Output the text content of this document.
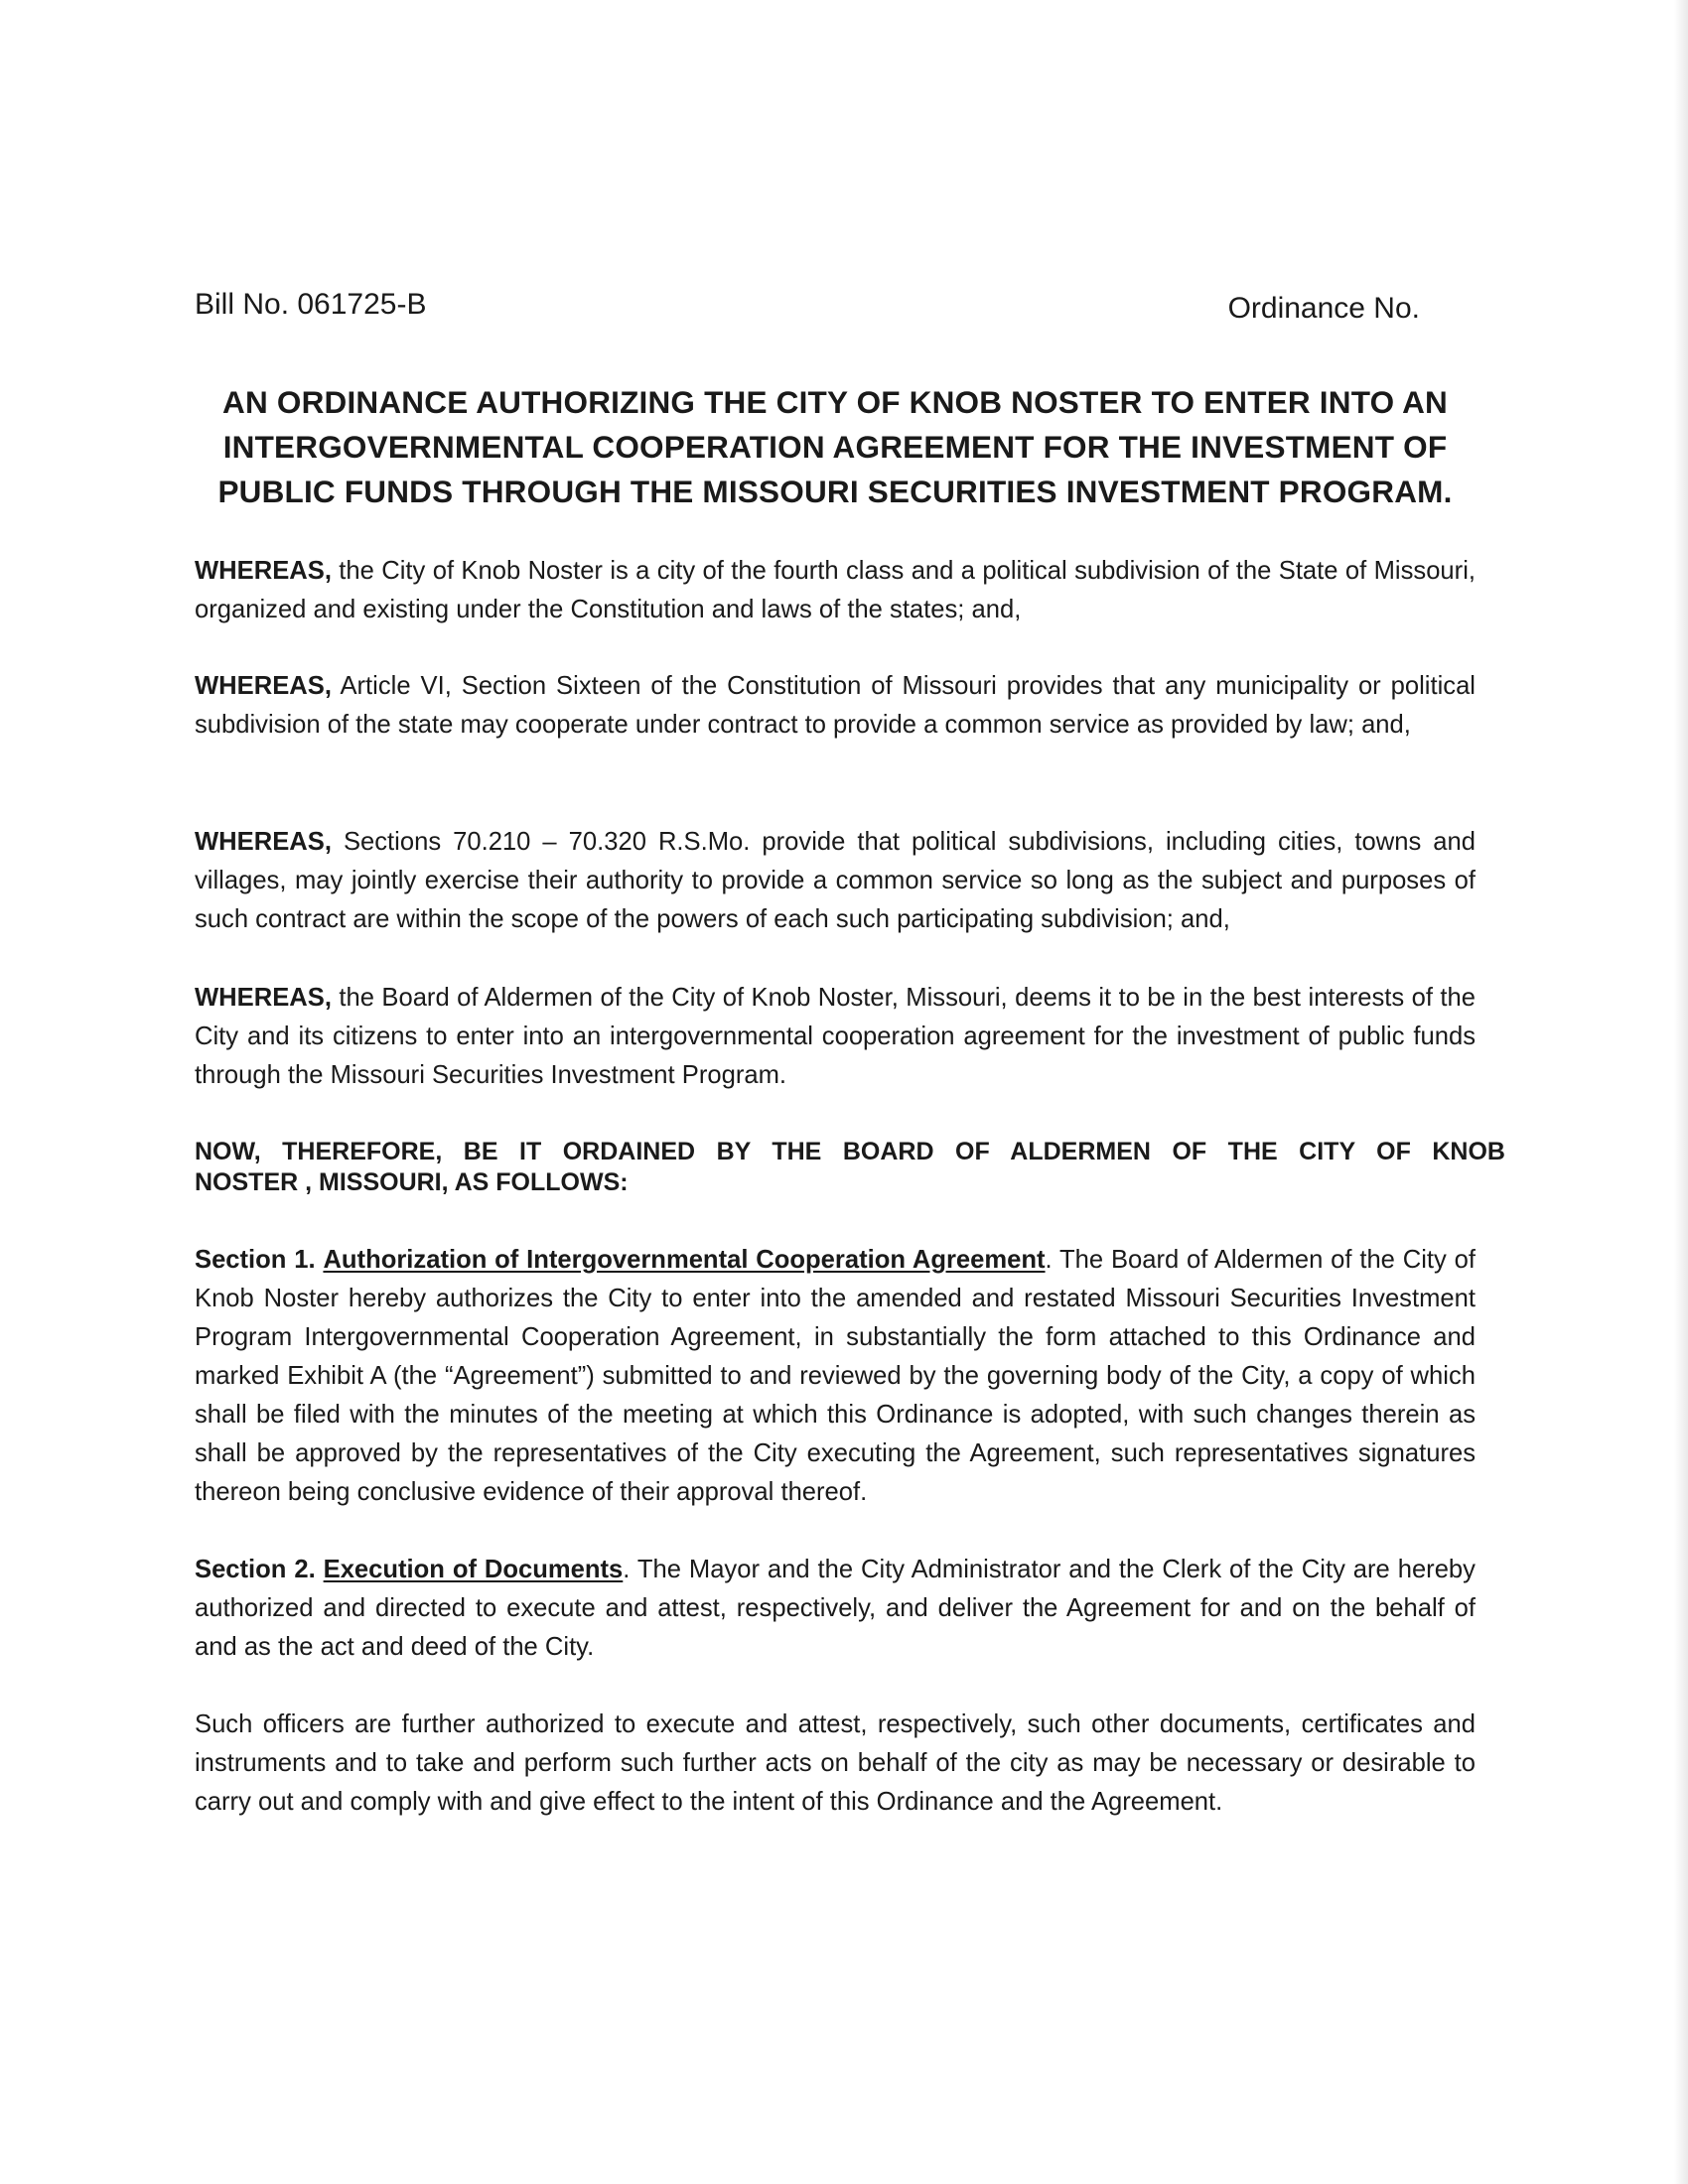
Bill No. 061725-B	Ordinance No.
AN ORDINANCE AUTHORIZING THE CITY OF KNOB NOSTER TO ENTER INTO AN
INTERGOVERNMENTAL COOPERATION AGREEMENT FOR THE INVESTMENT OF
PUBLIC FUNDS THROUGH THE MISSOURI SECURITIES INVESTMENT PROGRAM.

WHEREAS, the City of Knob Noster is a city of the fourth class and a political subdivision of the State of Missouri, organized and existing under the Constitution and laws of the states; and,

WHEREAS, Article VI, Section Sixteen of the Constitution of Missouri provides that any municipality or political subdivision of the state may cooperate under contract to provide a common service as provided by law; and,

WHEREAS, Sections 70.210 – 70.320 R.S.Mo. provide that political subdivisions, including cities, towns and villages, may jointly exercise their authority to provide a common service so long as the subject and purposes of such contract are within the scope of the powers of each such participating subdivision; and,

WHEREAS, the Board of Aldermen of the City of Knob Noster, Missouri, deems it to be in the best interests of the City and its citizens to enter into an intergovernmental cooperation agreement for the investment of public funds through the Missouri Securities Investment Program.

NOW, THEREFORE, BE IT ORDAINED BY THE BOARD OF ALDERMEN OF THE CITY OF KNOB
NOSTER , MISSOURI, AS FOLLOWS:

Section 1. Authorization of Intergovernmental Cooperation Agreement. The Board of Aldermen of the City of Knob Noster hereby authorizes the City to enter into the amended and restated Missouri Securities Investment Program Intergovernmental Cooperation Agreement, in substantially the form attached to this Ordinance and marked Exhibit A (the “Agreement”) submitted to and reviewed by the governing body of the City, a copy of which shall be filed with the minutes of the meeting at which this Ordinance is adopted, with such changes therein as shall be approved by the representatives of the City executing the Agreement, such representatives signatures thereon being conclusive evidence of their approval thereof.

Section 2. Execution of Documents. The Mayor and the City Administrator and the Clerk of the City are hereby authorized and directed to execute and attest, respectively, and deliver the Agreement for and on the behalf of and as the act and deed of the City.

Such officers are further authorized to execute and attest, respectively, such other documents, certificates and instruments and to take and perform such further acts on behalf of the city as may be necessary or desirable to carry out and comply with and give effect to the intent of this Ordinance and the Agreement.
